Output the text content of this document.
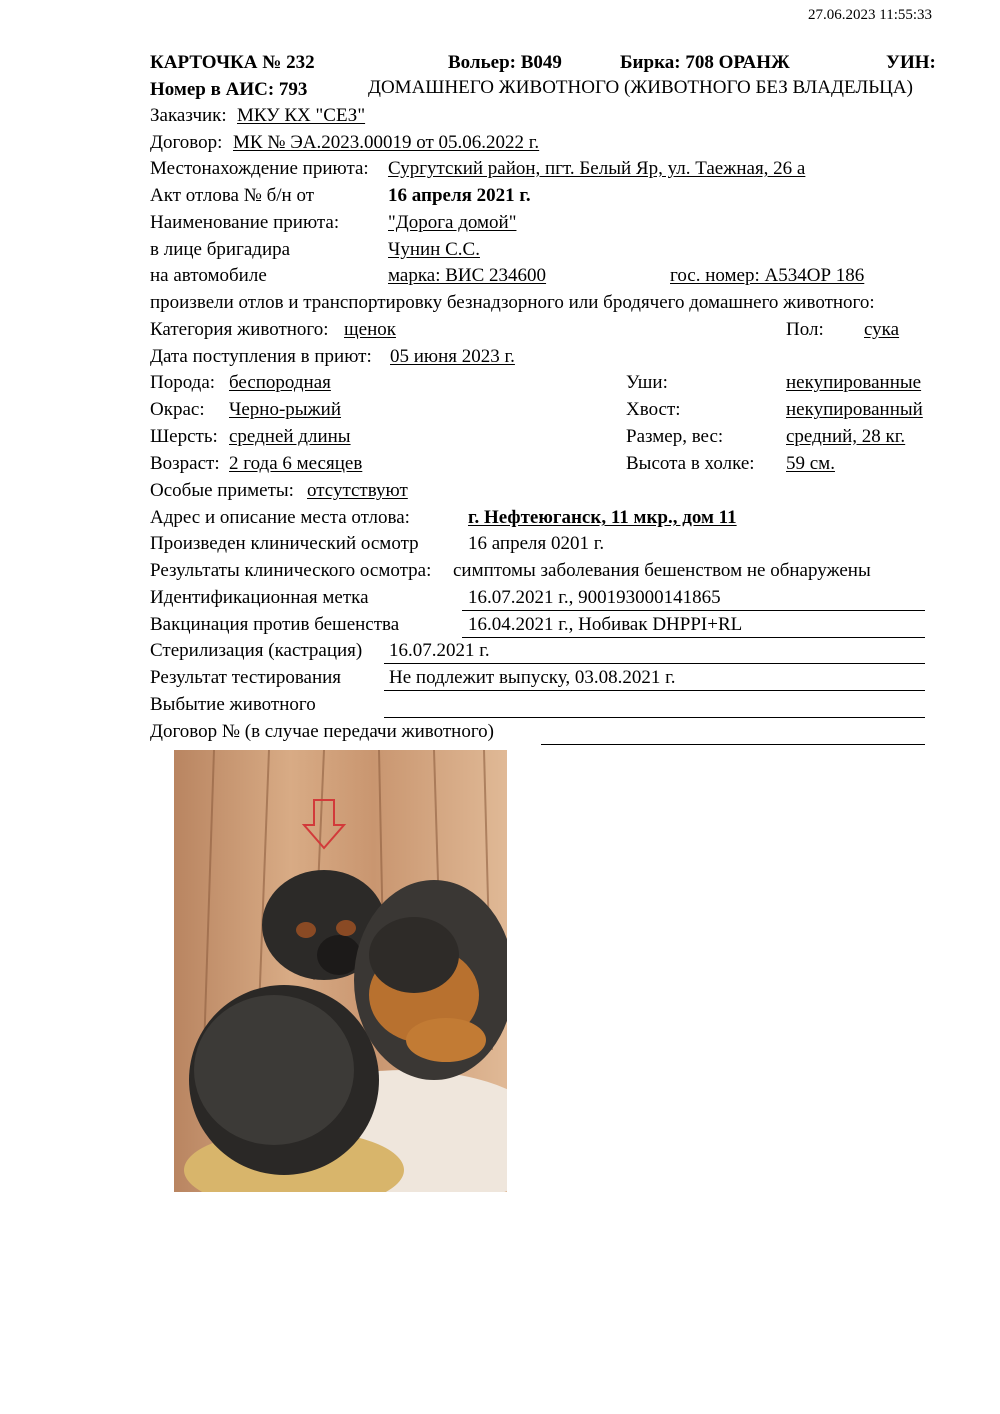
27.06.2023 11:55:33
КАРТОЧКА № 232	Вольер: В049	Бирка: 708 ОРАНЖ	УИН:
Номер в АИС: 793	ДОМАШНЕГО ЖИВОТНОГО (ЖИВОТНОГО БЕЗ ВЛАДЕЛЬЦА)
Заказчик: МКУ КХ "СЕЗ"
Договор: МК № ЭА.2023.00019 от 05.06.2022 г.
Местонахождение приюта: Сургутский район, пгт. Белый Яр, ул. Таежная, 26 а
Акт отлова № б/н от	16 апреля 2021 г.
Наименование приюта:	"Дорога домой"
в лице бригадира	Чунин С.С.
на автомобиле	марка: ВИС 234600	гос. номер: А534ОР 186
произвели отлов и транспортировку безнадзорного или бродячего домашнего животного:
Категория животного: щенок	Пол: сука
Дата поступления в приют: 05 июня 2023 г.
Порода: беспородная	Уши:	некупированные
Окрас: Черно-рыжий	Хвост:	некупированный
Шерсть: средней длины	Размер, вес:	средний, 28 кг.
Возраст: 2 года 6 месяцев	Высота в холке: 59 см.
Особые приметы: отсутствуют
Адрес и описание места отлова:	г. Нефтеюганск, 11 мкр., дом 11
Произведен клинический осмотр	16 апреля 0201 г.
Результаты клинического осмотра: симптомы заболевания бешенством не обнаружены
Идентификационная метка	16.07.2021 г., 900193000141865
Вакцинация против бешенства	16.04.2021 г., Нобивак DHPPI+RL
Стерилизация (кастрация) 16.07.2021 г.
Результат тестирования	Не подлежит выпуску, 03.08.2021 г.
Выбытие животного
Договор № (в случае передачи животного)
